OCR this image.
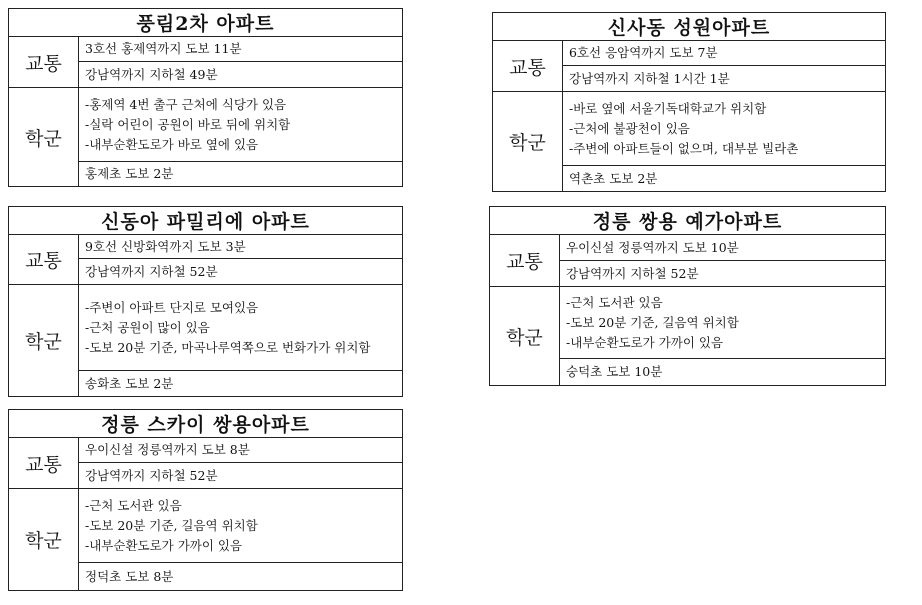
풍림2차 아파트	
교통	3호선 홍제역까지 도보 11분
	강남역까지 지하철 49분
학군	-홍제역 4번 출구 근처에 식당가 있음
-실락 어린이 공원이 바로 뒤에 위치함
-내부순환도로가 바로 옆에 있음

	홍제초 도보 2분
신사동 성원아파트	
교통	6호선 응암역까지 도보 7분
	강남역까지 지하철 1시간 1분
학군	-바로 옆에 서울기독대학교가 위치함
-근처에 불광천이 있음
-주변에 아파트들이 없으며, 대부분 빌라촌

	역촌초 도보 2분
신동아 파밀리에 아파트	
교통	9호선 신방화역까지 도보 3분
	강남역까지 지하철 52분
학군	-주변이 아파트 단지로 모여있음
-근처 공원이 많이 있음
-도보 20분 기준, 마곡나루역쪽으로 번화가가 위치함

	송화초 도보 2분
정릉 쌍용 예가아파트	
교통	우이신설 정릉역까지 도보 10분
	강남역까지 지하철 52분
학군	-근처 도서관 있음
-도보 20분 기준, 길음역 위치함
-내부순환도로가 가까이 있음

	숭덕초 도보 10분
정릉 스카이 쌍용아파트	
교통	우이신설 정릉역까지 도보 8분
	강남역까지 지하철 52분
학군	-근처 도서관 있음
-도보 20분 기준, 길음역 위치함
-내부순환도로가 가까이 있음

	정덕초 도보 8분
